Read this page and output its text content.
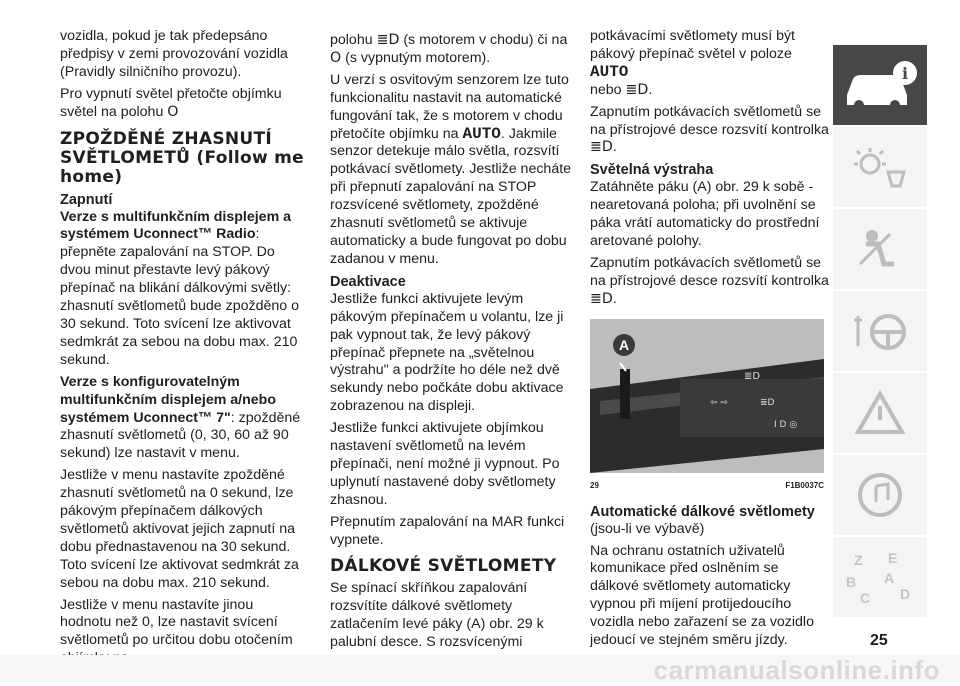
vozidla, pokud je tak předepsáno předpisy v zemi provozování vozidla (Pravidly silničního provozu).

Pro vypnutí světel přetočte objímku světel na polohu O

ZPOŽDĚNÉ ZHASNUTÍ SVĚTLOMETŮ (Follow me home)
Zapnutí

Verze s multifunkčním displejem a systémem Uconnect™ Radio: přepněte zapalování na STOP. Do dvou minut přestavte levý pákový přepínač na blikání dálkovými světly: zhasnutí světlometů bude zpožděno o 30 sekund. Toto svícení lze aktivovat sedmkrát za sebou na dobu max. 210 sekund.

Verze s konfigurovatelným multifunkčním displejem a/nebo systémem Uconnect™ 7": zpožděné zhasnutí světlometů (0, 30, 60 až 90 sekund) lze nastavit v menu.

Jestliže v menu nastavíte zpožděné zhasnutí světlometů na 0 sekund, lze pákovým přepínačem dálkových světlometů aktivovat jejich zapnutí na dobu přednastavenou na 30 sekund. Toto svícení lze aktivovat sedmkrát za sebou na dobu max. 210 sekund.

Jestliže v menu nastavíte jinou hodnotu než 0, lze nastavit svícení světlometů po určitou dobu otočením

polohu ≣D (s motorem v chodu) či na
O (s vypnutým motorem).

U verzí s osvitovým senzorem lze tuto funkcionalitu nastavit na automatické fungování tak, že s motorem v chodu přetočíte objímku na AUTO. Jakmile senzor detekuje málo světla, rozsvítí potkávací světlomety. Jestliže necháte při přepnutí zapalování na STOP rozsvícené světlomety, zpožděné zhasnutí světlometů se aktivuje automaticky a bude fungovat po dobu zadanou v menu.

Deaktivace

Jestliže funkci aktivujete levým pákovým přepínačem u volantu, lze ji pak vypnout tak, že levý pákový přepínač přepnete na „světelnou výstrahu" a podržíte ho déle než dvě sekundy nebo počkáte dobu aktivace zobrazenou na displeji.

Jestliže funkci aktivujete objímkou nastavení světlometů na levém přepínači, není možné ji vypnout. Po uplynutí nastavené doby světlomety zhasnou.

Přepnutím zapalování na MAR funkci vypnete.

DÁLKOVÉ SVĚTLOMETY

Se spínací skříňkou zapalování rozsvítíte dálkové světlomety zatlačením levé páky (A) obr. 29 k palubní desce. S rozsvícenými

potkávacími světlomety musí být pákový přepínač světel v poloze AUTO
nebo ≣D.

Zapnutím potkávacích světlometů se na přístrojové desce rozsvítí kontrolka
≣D.

Světelná výstraha

Zatáhněte páku (A) obr. 29 k sobě - nearetovaná poloha; při uvolnění se páka vrátí automaticky do prostřední aretované polohy.

Zapnutím potkávacích světlometů se na přístrojové desce rozsvítí kontrolka
≣D.

≣D
⇦ ⇨	≣D
I D ◎
A
29	F1B0037C
Automatické dálkové světlomety

(jsou-li ve výbavě)

Na ochranu ostatních uživatelů komunikace před oslněním se dálkové světlomety automaticky vypnou při míjení protijedoucího vozidla nebo zařazení se za vozidlo jedoucí ve stejném směru jízdy.

i
Z E
B A
C D
25
carmanualsonline.info
